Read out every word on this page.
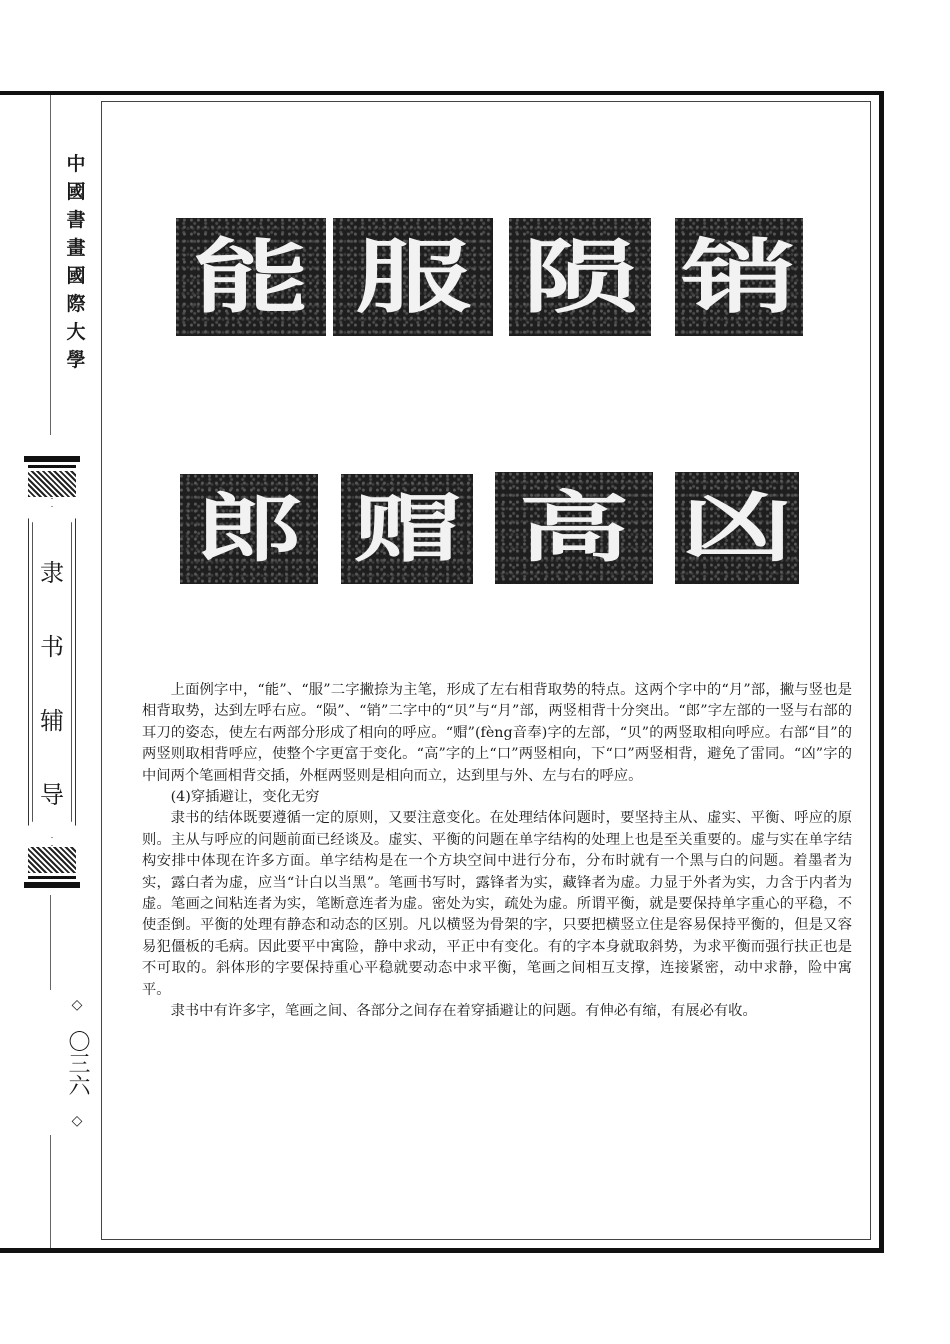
中國書畫國際大學
隶书辅导
◇
〇三六
◇
能 服 陨 销
郎 赗 高 凶

上面例字中，“能”、“服”二字撇捺为主笔，形成了左右相背取势的特点。这两个字中的“月”部，撇与竖也是相背取势，达到左呼右应。“陨”、“销”二字中的“贝”与“月”部，两竖相背十分突出。“郎”字左部的一竖与右部的耳刀的姿态，使左右两部分形成了相向的呼应。“赗”(fèng音奉)字的左部，“贝”的两竖取相向呼应。右部“目”的两竖则取相背呼应，使整个字更富于变化。“高”字的上“口”两竖相向，下“口”两竖相背，避免了雷同。“凶”字的中间两个笔画相背交插，外框两竖则是相向而立，达到里与外、左与右的呼应。

(4)穿插避让，变化无穷

隶书的结体既要遵循一定的原则，又要注意变化。在处理结体问题时，要坚持主从、虚实、平衡、呼应的原则。主从与呼应的问题前面已经谈及。虚实、平衡的问题在单字结构的处理上也是至关重要的。虚与实在单字结构安排中体现在许多方面。单字结构是在一个方块空间中进行分布，分布时就有一个黑与白的问题。着墨者为实，露白者为虚，应当“计白以当黑”。笔画书写时，露锋者为实，藏锋者为虚。力显于外者为实，力含于内者为虚。笔画之间粘连者为实，笔断意连者为虚。密处为实，疏处为虚。所谓平衡，就是要保持单字重心的平稳，不使歪倒。平衡的处理有静态和动态的区别。凡以横竖为骨架的字，只要把横竖立住是容易保持平衡的，但是又容易犯僵板的毛病。因此要平中寓险，静中求动，平正中有变化。有的字本身就取斜势，为求平衡而强行扶正也是不可取的。斜体形的字要保持重心平稳就要动态中求平衡，笔画之间相互支撑，连接紧密，动中求静，险中寓平。

隶书中有许多字，笔画之间、各部分之间存在着穿插避让的问题。有伸必有缩，有展必有收。
